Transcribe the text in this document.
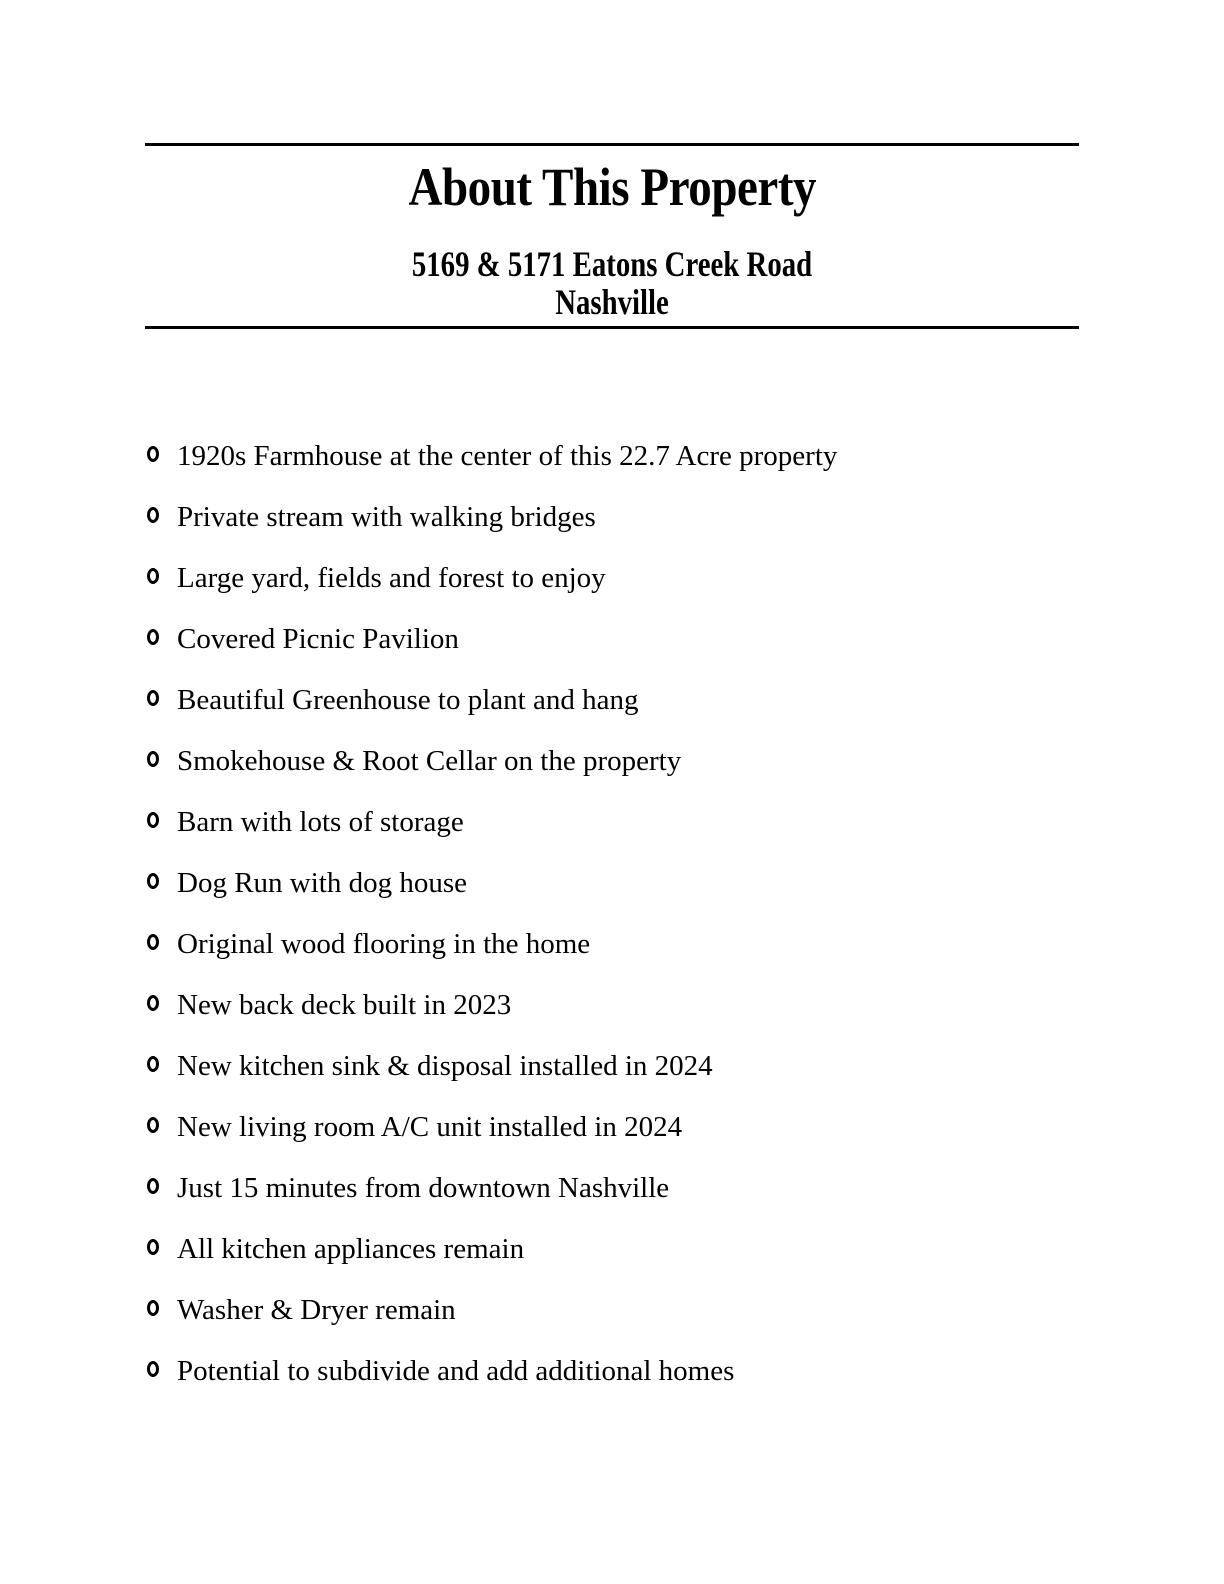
About This Property
5169 & 5171 Eatons Creek Road
Nashville
1920s Farmhouse at the center of this 22.7 Acre property
Private stream with walking bridges
Large yard, fields and forest to enjoy
Covered Picnic Pavilion
Beautiful Greenhouse to plant and hang
Smokehouse & Root Cellar on the property
Barn with lots of storage
Dog Run with dog house
Original wood flooring in the home
New back deck built in 2023
New kitchen sink & disposal installed in 2024
New living room A/C unit installed in 2024
Just 15 minutes from downtown Nashville
All kitchen appliances remain
Washer & Dryer remain
Potential to subdivide and add additional homes
